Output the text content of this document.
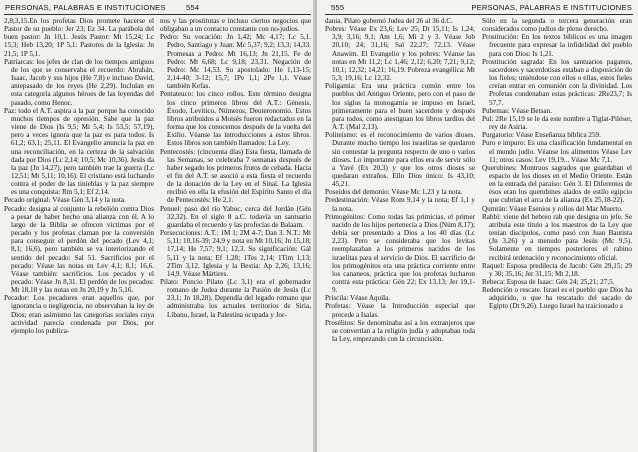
PERSONAS, PALABRAS E INSTITUCIONES	554

2,8;3,15.En los profetas Dios promete hacerse el Pastor de su pueblo: Jer 23; Ez 34. La parábola del buen pastor: Jn 10,1. Jesús Pastor: Mt 15,24; Lc 15,3; Heb 13,20; 1P 5,1: Pastores de la Iglesia: Jn 21,5; 1P 5,1.

Patriarcas: los jefes de clan de los tiempos antiguos de los que se conservaba el recuerdo: Abrahán, Isaac, Jacob y sus hijos (He 7,8) e incluso David, antepasado de los reyes (He 2,29). Incluían en esta categoría algunos héroes de las leyendas del pasado, como Henoc.

Paz: todo el A.T. aspira a la paz porque ha conocido muchos tiempos de opresión. Sabe que la paz viene de Dios (Is 9,5; Mi 5,4; Is 53,5; 57,19), pero a veces ignora que la paz es para todos: Is 61,2; 63,1; 25,11. El Evangelio anuncia la paz en una reconciliación, en la certeza de la salvación dada por Dios (Lc 2,14; 10,5; Mc 10,36). Jesús da la paz (Jn 14,27), pero también trae la guerra (Lc 12,51; Mt 5,11; 10,16). El cristiano está luchando contra el poder de las tinieblas y la paz siempre es una conquista: Rm 5,1; Ef 2,14.

Pecado original: Véase Gén 3,14 y la nota.

Pecado: designa al conjunto la rebelión contra Dios a pesar de haber hecho una alianza con él. A lo largo de la Biblia se ofrecen víctimas por el pecado y los profetas claman por la conversión para conseguir el perdón del pecado (Lev 4,1; 8,1; 16,6), pero también se va interiorizando el sentido del pecado: Sal 51. Sacrificios por el pecado: Véase las notas en Lev 4,1; 8,1; 16,6. Véase también: sacrificios. Los pecados y el pecado: Véase Jn 8,31. El perdón de los pecados: Mt 18,18 y las notas en Jn 20,19 y Jn 5,16.

Pecador: Los pecadores eran aquellos que, por ignorancia o negligencia, no observaban la ley de Dios; eran asimismo las categorías sociales cuya actividad parecía condenada por Dios, por ejemplo los publica-

nos y las prostitutas e incluso ciertos negocios que obligaban a un contacto constante con no-judíos.

Pedro: Su vocación: Jn 1,42; Mc 4,17; Lc 5,1. Pedro, Santiago y Juan: Mc 5,37; 9,2; 13,3; 14,33. Promesas a Pedro: Mt 16,13; Jn 21,15. Fe de Pedro: Mt 6,68; Lc 9,18; 23,31. Negación de Pedro: Mc 14,53. Su apostolado: He 1,13-15; 2,14-40; 3-12; 15,7; 1Pe 1,1; 2Pe 1,1. Véase también Kefas.

Pentateuco: los cinco rollos. Este término designa los cinco primeros libros del A.T.: Génesis, Éxodo, Levítico, Números, Deuteronomio. Estos libros atribuidos a Moisés fueron redactados en la forma que los conocemos después de la vuelta del Exilio. Véanse las introducciones a estos libros. Estos libros son también llamados: La Ley.

Pentecostés: (cincuenta días) Esta fiesta, llamada de las Semanas, se celebraba 7 semanas después de haber segado los primeros frutos de cebada. Hacia el fin del A.T. se asoció a esta fiesta el recuerdo de la donación de la Ley en el Sinaí. La Iglesia recibió en ella la efusión del Espíritu Santo el día de Pentecostés: He 2,1.

Penuel: paso del río Yaboc, cerca del Jordán (Gén 32,32). En el siglo 8 a.C. todavía un santuario guardaba el recuerdo y las profecías de Balaam.

Persecuciones: A.T.: 1M 1; 2M 4-7; Dan 3. N.T.: Mt 5,11; 10,16-39; 24,9 y nota en Mt 10,16; Jn 15,18; 17,14; He 7,57; 9,1; 12,3. Su significación: Gál 5,11 y la nota; Ef 1,28; 1Tes 2,14; 1Tim 1,13; 2Tim 3,12. Iglesia y la Bestia: Ap 2,26; 13,16; 14,9. Véase Mártires.

Pilato: Poncio Pilato (Lc 3,1) era el gobernador romano de Judea durante la Pasión de Jesús (Lc 23,1; Jn 18,28). Dependía del legado romano que administraba los actuales territorios de Siria, Líbano, Israel, la Palestina ocupada y Jor-

555	PERSONAS, PALABRAS E INSTITUCIONES

dania. Pilato gobernó Judea del 26 al 36 d.C.

Pobres: Véase Ex 23,6; Lev 25; Dt 15,11; Is 1,24; 3,9; 3,16; 9,1; Am 1,6; Mi 2 y 3. Véase Job 20,10; 24; 31,16; Sal 22,27; 72,13. Véase Anawim. El Evangelio y los pobres: Véanse las notas en Mt 11,2; Lc 1,46; 2,12; 6,20; 7,21; 9,12; 10,1; 12,32; 14,21; 16,19. Pobreza evangélica: Mt 5,3; 19,16; Lc 12,32.

Poligamia: Era una práctica común entre los pueblos del Antiguo Oriente, pero con el paso de los siglos la monogamia se impuso en Israel, primeramente para el buen sacerdote y después para todos, como atestiguan los libros tardíos del A.T. (Mal 2,13).

Politeísmo: es el reconocimiento de varios dioses. Durante mucho tiempo los israelitas se quedaron sin contestar la pregunta respecto de uno o varios dioses. Lo importante para ellos era de servir sólo a Yavé (Ex 20,3) y que los otros dioses se quedaran extraños. Ello Dios único: Is 43,10; 45,21.

Poseídos del demonio: Véase Mc 1,23 y la nota.

Predestinación: Véase Rom 9,14 y la nota; Ef 1,1 y la nota.

Primogénitos: Como todas las primicias, el primer nacido de los hijos pertenecía a Dios (Núm 8,17); debía ser presentado a Dios a los 40 días (Lc 2,23). Pero se consideraba que los levitas reemplazaban a los primeros nacidos de los israelitas para el servicio de Dios. El sacrificio de los primogénitos era una práctica corriente entre los cananeos, práctica que los profetas lucharon contra esta práctica: Gén 22; Ex 13,13; Jer 19,1-9.

Priscila: Véase Aquila.

Profetas: Véase la Introducción especial que precede a Isaías.

Prosélitos: Se denominaba así a los extranjeros que se convertían a la religión judía y adoptaban toda la Ley, empezando con la circuncisión.

Sólo en la segunda o tercera generación eran considerados como judíos de pleno derecho.

Prostitución: En los textos bíblicos es una imagen frecuente para expresar la infidelidad del pueblo para con Dios: Is 1,21.

Prostitución sagrada: En los santuarios paganos, sacerdotes y sacerdotisas estaban a disposición de los fieles; uniéndose con ellos o ellas, estos fieles creían entrar en comunión con la divinidad. Los Profetas condenaban estas prácticas: 2Re23,7; Is 57,7.

Pubemas: Véase Betsan.

Pul: 2Re 15,19 se le da este nombre a Tiglat-Piléser, rey de Asiria.

Purgatorio: Véase Enseñanza bíblica 259.

Puro e impuro: Es una clasificación fundamental en el mundo judío. Véanse los alimentos Véase Lev 11; otros casos: Lev 19,19... Véase Mc 7,1.

Querubines: Montruos sagrados que guardaban el espacio de los dioses en el Medio Oriente. Están en la entrada del paraíso: Gén 3. El Diferentes de ésos eran los querubines alados de estilo egipcio que cubrían el arca de la alianza (Ex 25,18-22).

Qumrán: Véase Esenios y rollos del Mar Muerto.

Rabbí: viene del hebreo rab que designa un jefe. Se atribuía este título a los maestros de la Ley que tenían discípulos, como pasó con Juan Bautista (Jn 3,26) y a menudo para Jesús (Mc 9,5). Solamente en tiempos posteriores el rabino recibirá ordenación y reconocimiento oficial.

Raquel: Esposa predilecta de Jacob: Gén 29,15; 29 y 30; 35,16; Jer 31,15; Mt 2,18.

Rebeca: Esposa de Isaac: Gén 24; 25,21; 27,5.

Redención o rescate. Israel es el pueblo que Dios ha adquirido, o que ha rescatado del sacado de Egipto (Dt 9,26). Luego Israel ha traicionado a
